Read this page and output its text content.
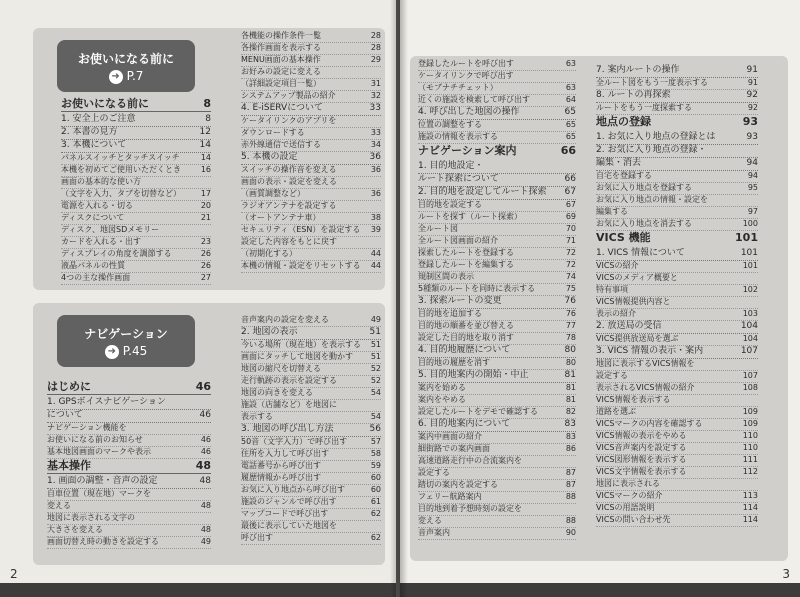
お使いになる前に
➜ P.7
お使いになる前に	8
1. 安全上のご注意	8
2. 本書の見方	12
3. 本機について	14
パネルスイッチとタッチスイッチ	14
本機を初めてご使用いただくとき 16
画面の基本的な使い方
（文字を入力、タブを切替など） 17
電源を入れる・切る	20
ディスクについて	21
ディスク、地図SDメモリー
カードを入れる・出す	23
ディスプレイの角度を調節する	26
液晶パネルの性質	26
4つの主な操作画面	27
各機能の操作条件一覧	28
各操作画面を表示する	28
MENU画面の基本操作	29
お好みの設定に変える
（詳細設定項目一覧）	31
システムアップ製品の紹介	32
4. E-iSERVについて	33
ケータイリンクのアプリを
ダウンロードする	33
赤外線通信で送信する	34
5. 本機の設定	36
スイッチの操作音を変える	36
画面の表示・設定を変える
（画質調整など）	36
ラジオアンテナを設定する
（オートアンテナ車）	38
セキュリティ（ESN）を設定する 39
設定した内容をもとに戻す
（初期化する）	44
本機の情報・設定をリセットする 44
ナビゲーション
➜ P.45
はじめに	46
1. GPSボイスナビゲーション
について	46
ナビゲーション機能を
お使いになる前のお知らせ	46
基本地図画面のマークや表示	46
基本操作	48
1. 画面の調整・音声の設定	48
自車位置（現在地）マークを
変える	48
地図に表示される文字の
大きさを変える	48
画面切替え時の動きを設定する	49
音声案内の設定を変える	49
2. 地図の表示	51
今いる場所（現在地）を表示する 51
画面にタッチして地図を動かす 51
地図の縮尺を切替える	52
走行軌跡の表示を設定する	52
地図の向きを変える	54
施設（店舗など）を地図に
表示する	54
3. 地図の呼び出し方法	56
50音（文字入力）で呼び出す	57
住所を入力して呼び出す	58
電話番号から呼び出す	59
履歴情報から呼び出す	60
お気に入り地点から呼び出す	60
施設のジャンルで呼び出す	61
マップコードで呼び出す	62
最後に表示していた地図を
呼び出す	62
2
登録したルートを呼び出す	63
ケータイリンクで呼び出す
（モブナチチェット）	63
近くの施設を検索して呼び出す	64
4. 呼び出した地図の操作	65
位置の調整をする	65
施設の情報を表示する	65
ナビゲーション案内	66
1. 目的地設定・
ルート探索について	66
2. 目的地を設定してルート探索 67
目的地を設定する	67
ルートを探す（ルート探索）	69
全ルート図	70
全ルート図画面の紹介	71
探索したルートを登録する	72
登録したルートを編集する	72
規制区間の表示	74
5種類のルートを同時に表示する	75
3. 探索ルートの変更	76
目的地を追加する	76
目的地の順番を並び替える	77
設定した目的地を取り消す	78
4. 目的地履歴について	80
目的地の履歴を消す	80
5. 目的地案内の開始・中止	81
案内を始める	81
案内をやめる	81
設定したルートをデモで確認する	82
6. 目的地案内について	83
案内中画面の紹介	83
細街路での案内画面	86
高速道路走行中の合流案内を
設定する	87
踏切の案内を設定する	87
フェリー航路案内	88
目的地到着予想時刻の設定を
変える	88
音声案内	90
7. 案内ルートの操作	91
全ルート図をもう一度表示する	91
8. ルートの再探索	92
ルートをもう一度探索する	92
地点の登録	93
1. お気に入り地点の登録とは	93
2. お気に入り地点の登録・
編集・消去	94
自宅を登録する	94
お気に入り地点を登録する	95
お気に入り地点の情報・設定を
編集する	97
お気に入り地点を消去する	100
VICS 機能	101
1. VICS 情報について	101
VICSの紹介	101
VICSのメディア概要と
特有事項	102
VICS情報提供内容と
表示の紹介	103
2. 放送局の受信	104
VICS提供放送局を選ぶ	104
3. VICS 情報の表示・案内	107
地図に表示するVICS情報を
設定する	107
表示されるVICS情報の紹介	108
VICS情報を表示する
道路を選ぶ	109
VICSマークの内容を確認する	109
VICS情報の表示をやめる	110
VICS音声案内を設定する	110
VICS図形情報を表示する	111
VICS文字情報を表示する	112
地図に表示される
VICSマークの紹介	113
VICSの用語説明	114
VICSの問い合わせ先	114
3
